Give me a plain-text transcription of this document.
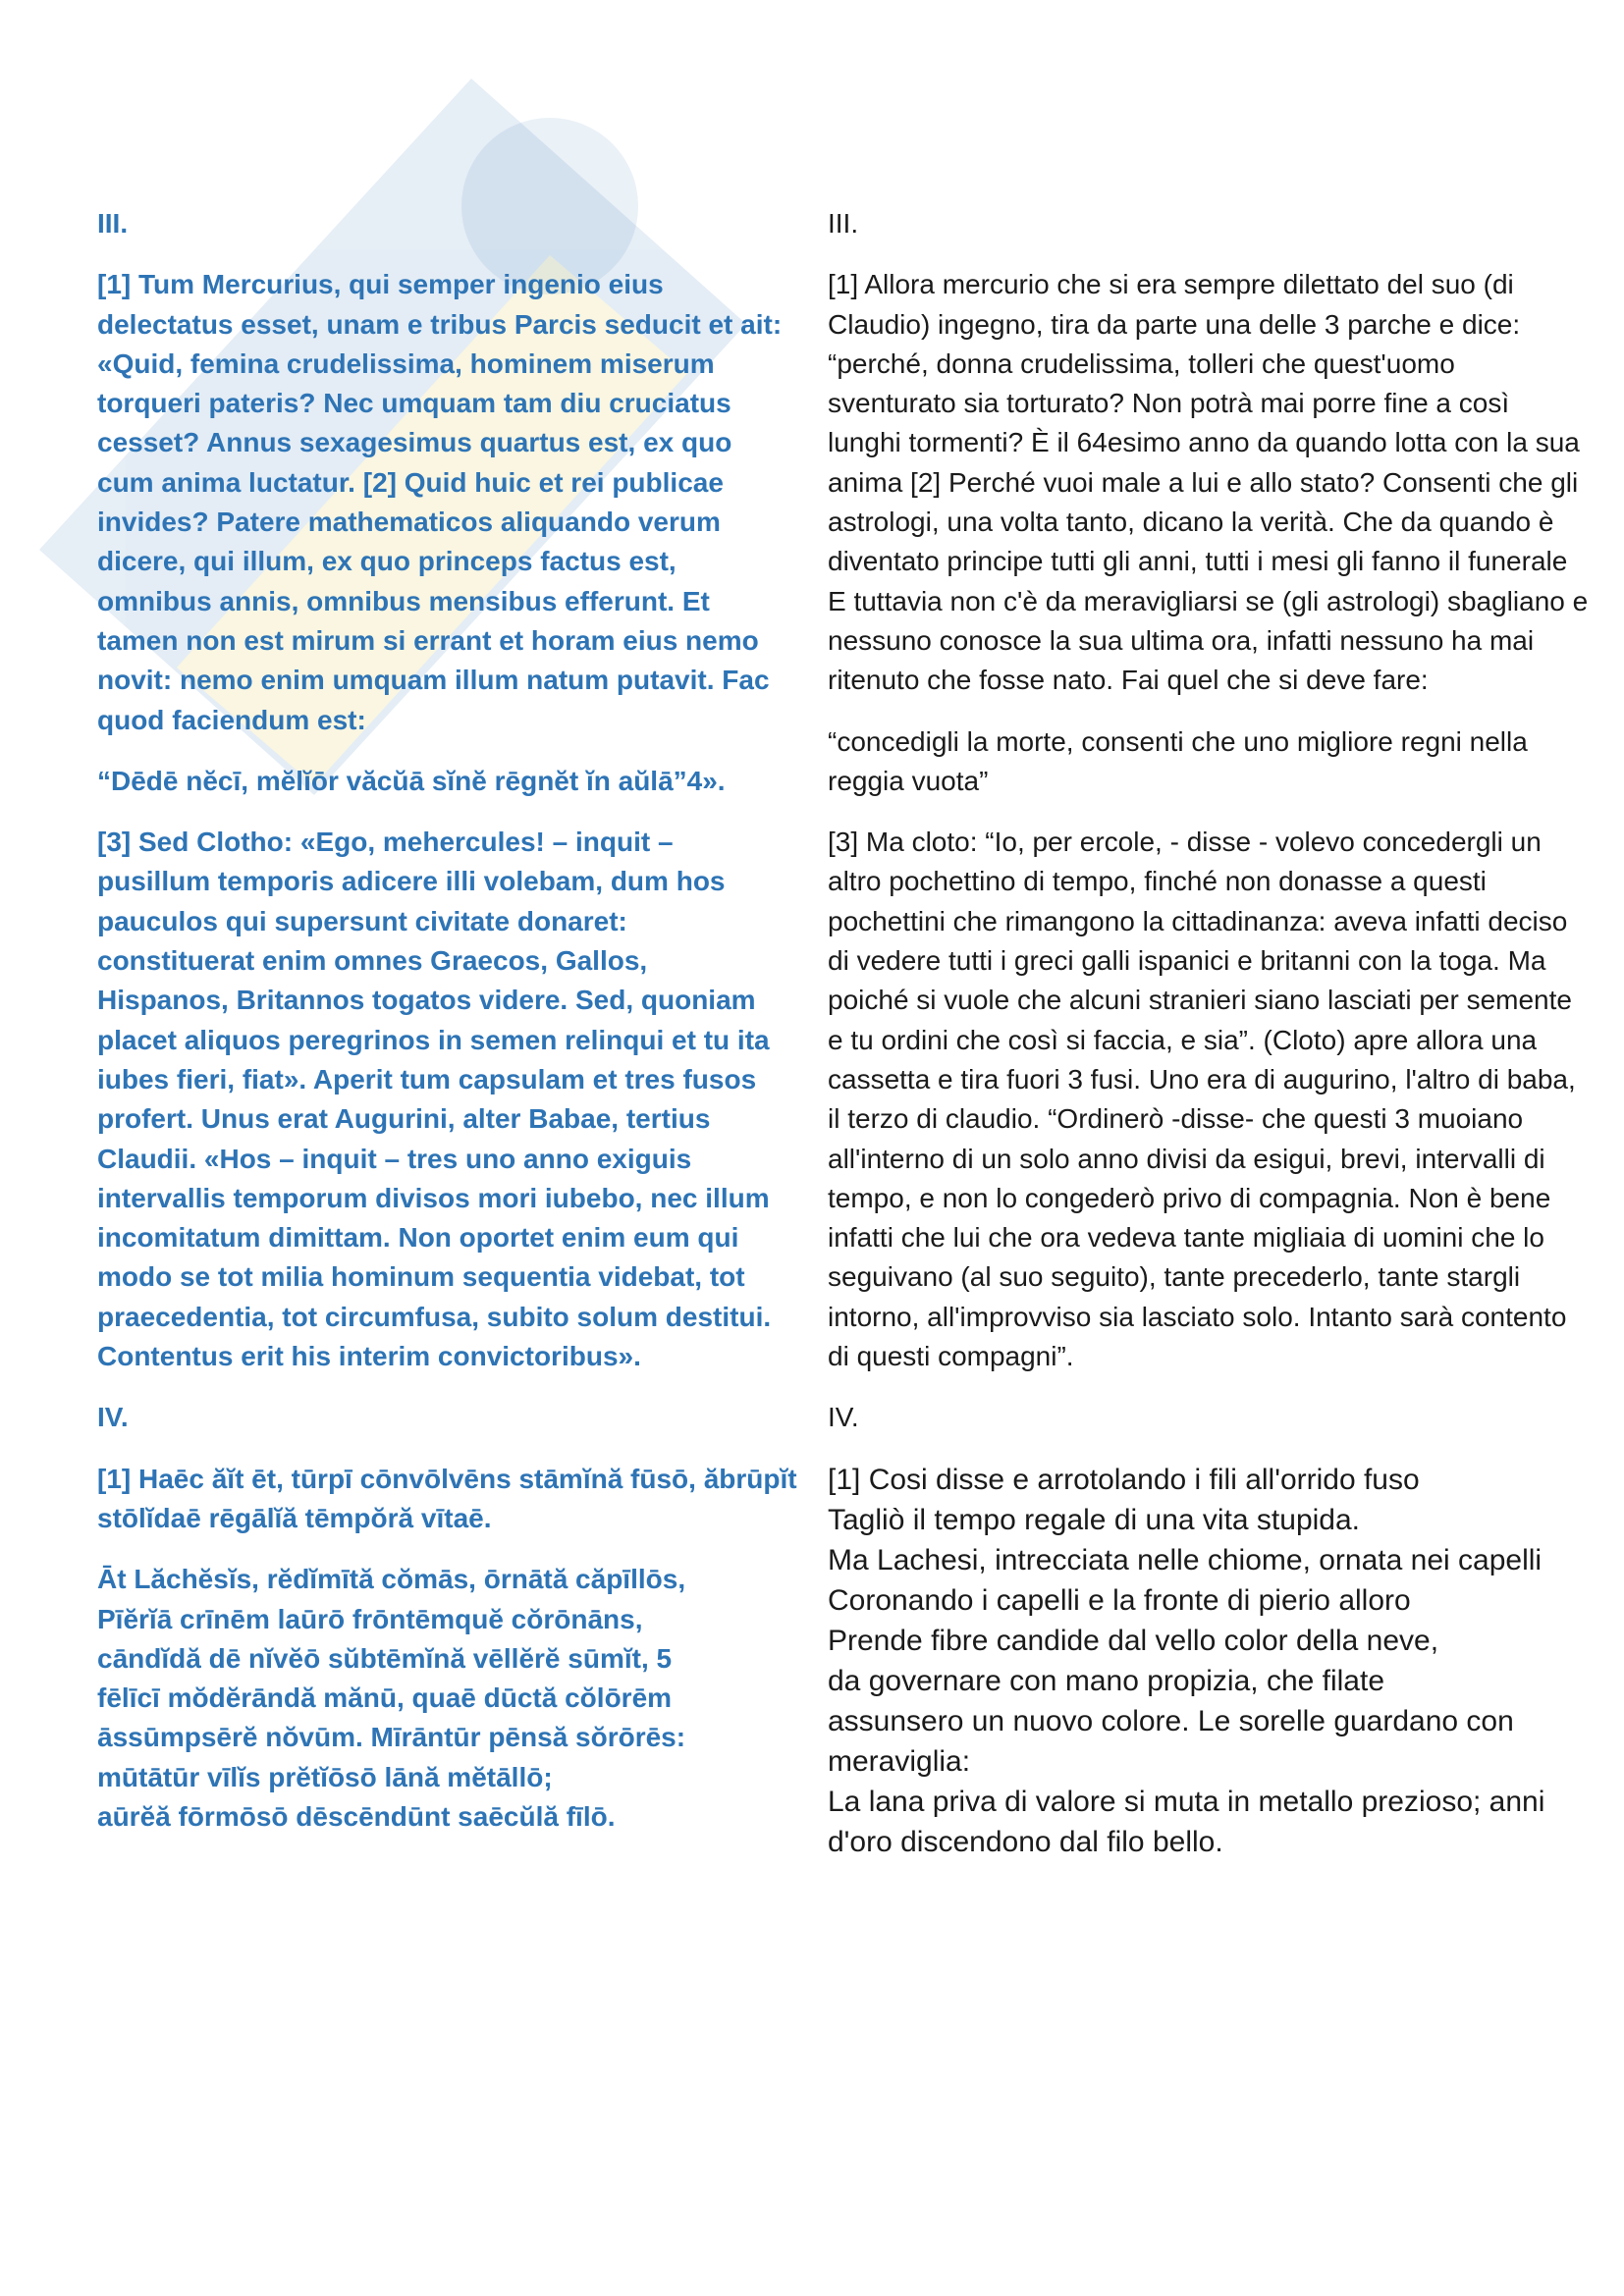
III.

[1] Tum Mercurius, qui semper ingenio eius delectatus esset, unam e tribus Parcis seducit et ait: «Quid, femina crudelissima, hominem miserum torqueri pateris? Nec umquam tam diu cruciatus cesset? Annus sexagesimus quartus est, ex quo cum anima luctatur. [2] Quid huic et rei publicae invides? Patere mathematicos aliquando verum dicere, qui illum, ex quo princeps factus est, omnibus annis, omnibus mensibus efferunt. Et tamen non est mirum si errant et horam eius nemo novit: nemo enim umquam illum natum putavit. Fac quod faciendum est:

“Dēdē nĕcī, mĕlĭōr văcŭā sĭnĕ rēgnĕt ĭn aŭlā”4».

[3] Sed Clotho: «Ego, mehercules! – inquit – pusillum temporis adicere illi volebam, dum hos pauculos qui supersunt civitate donaret: constituerat enim omnes Graecos, Gallos, Hispanos, Britannos togatos videre. Sed, quoniam placet aliquos peregrinos in semen relinqui et tu ita iubes fieri, fiat». Aperit tum capsulam et tres fusos profert. Unus erat Augurini, alter Babae, tertius Claudii. «Hos – inquit – tres uno anno exiguis intervallis temporum divisos mori iubebo, nec illum incomitatum dimittam. Non oportet enim eum qui modo se tot milia hominum sequentia videbat, tot praecedentia, tot circumfusa, subito solum destitui. Contentus erit his interim convictoribus».

IV.

[1] Haēc ăĭt ēt, tūrpī cōnvōlvēns stāmĭnă fūsō, ăbrūpĭt
stōlĭdaē rēgālĭă tēmpŏră vītaē.

Āt Lăchĕsĭs, rĕdĭmītă cŏmās, ōrnātă căpīllōs,
Pīĕrĭā crīnēm laūrō frōntēmquĕ cŏrōnāns,
cāndĭdă dē nĭvĕō sŭbtēmĭnă vēllĕrĕ sūmĭt, 5
fēlīcī mŏdĕrāndă mănū, quaē dūctă cŏlōrēm
āssūmpsērĕ nŏvūm. Mīrāntūr pēnsă sŏrōrēs:
mūtātūr vīlĭs prĕtĭōsō lānă mĕtāllō;
aūrĕă fōrmōsō dēscēndūnt saēcŭlă fīlō.

III.

[1] Allora mercurio che si era sempre dilettato del suo (di Claudio) ingegno, tira da parte una delle 3 parche e dice: “perché, donna crudelissima, tolleri che quest'uomo sventurato sia torturato? Non potrà mai porre fine a così lunghi tormenti? È il 64esimo anno da quando lotta con la sua anima [2] Perché vuoi male a lui e allo stato? Consenti che gli astrologi, una volta tanto, dicano la verità. Che da quando è diventato principe tutti gli anni, tutti i mesi gli fanno il funerale E tuttavia non c'è da meravigliarsi se (gli astrologi) sbagliano e nessuno conosce la sua ultima ora, infatti nessuno ha mai ritenuto che fosse nato. Fai quel che si deve fare:

“concedigli la morte, consenti che uno migliore regni nella reggia vuota”

[3] Ma cloto: “Io, per ercole, - disse - volevo concedergli un altro pochettino di tempo, finché non donasse a questi pochettini che rimangono la cittadinanza: aveva infatti deciso di vedere tutti i greci galli ispanici e britanni con la toga. Ma poiché si vuole che alcuni stranieri siano lasciati per semente e tu ordini che così si faccia, e sia”. (Cloto) apre allora una cassetta e tira fuori 3 fusi. Uno era di augurino, l'altro di baba, il terzo di claudio. “Ordinerò -disse- che questi 3 muoiano all'interno di un solo anno divisi da esigui, brevi, intervalli di tempo, e non lo congederò privo di compagnia. Non è bene infatti che lui che ora vedeva tante migliaia di uomini che lo seguivano (al suo seguito), tante precederlo, tante stargli intorno, all'improvviso sia lasciato solo. Intanto sarà contento di questi compagni”.

IV.

[1] Cosi disse e arrotolando i fili all'orrido fuso
Tagliò il tempo regale di una vita stupida.
Ma Lachesi, intrecciata nelle chiome, ornata nei capelli
Coronando i capelli e la fronte di pierio alloro
Prende fibre candide dal vello color della neve,
da governare con mano propizia, che filate
assunsero un nuovo colore. Le sorelle guardano con
meraviglia:
La lana priva di valore si muta in metallo prezioso; anni
d'oro discendono dal filo bello.
